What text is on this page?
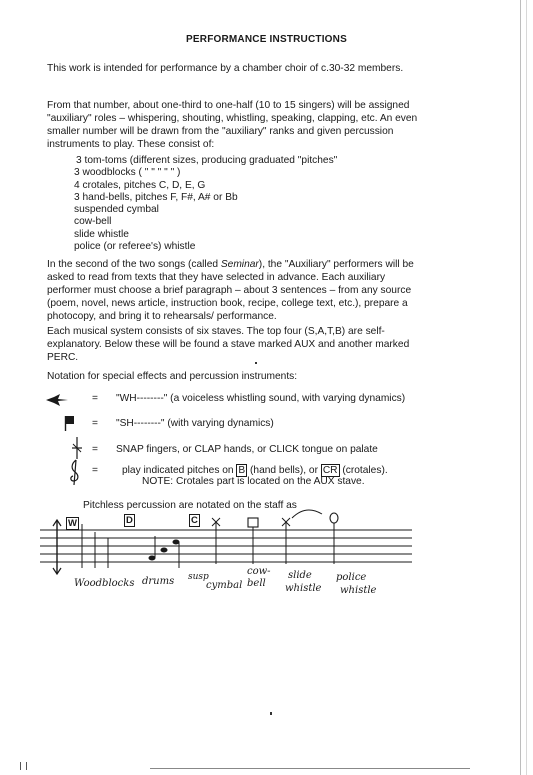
PERFORMANCE INSTRUCTIONS
This work is intended for performance by a chamber choir of c.30-32 members.
From that number, about one-third to one-half (10 to 15 singers) will be assigned "auxiliary" roles – whispering, shouting, whistling, speaking, clapping, etc. An even smaller number will be drawn from the "auxiliary" ranks and given percussion instruments to play. These consist of:
3 tom-toms (different sizes, producing graduated "pitches"
3 woodblocks ( " " " " " )
4 crotales, pitches C, D, E, G
3 hand-bells, pitches F, F#, A# or Bb
suspended cymbal
cow-bell
slide whistle
police (or referee's) whistle
In the second of the two songs (called Seminar), the "Auxiliary" performers will be asked to read from texts that they have selected in advance. Each auxiliary performer must choose a brief paragraph – about 3 sentences – from any source (poem, novel, news article, instruction book, recipe, college text, etc.), prepare a photocopy, and bring it to rehearsals/ performance.
Each musical system consists of six staves. The top four (S,A,T,B) are self-explanatory. Below these will be found a stave marked AUX and another marked PERC.
Notation for special effects and percussion instruments:
= "WH--------" (a voiceless whistling sound, with varying dynamics)
= "SH--------" (with varying dynamics)
= SNAP fingers, or CLAP hands, or CLICK tongue on palate
= play indicated pitches on B (hand bells), or CR (crotales).
NOTE: Crotales part is located on the AUX stave.
Pitchless percussion are notated on the staff as
W	D	C
Woodblocks drums susp
cymbal
cow-
bell
slide
whistle
police
whistle
